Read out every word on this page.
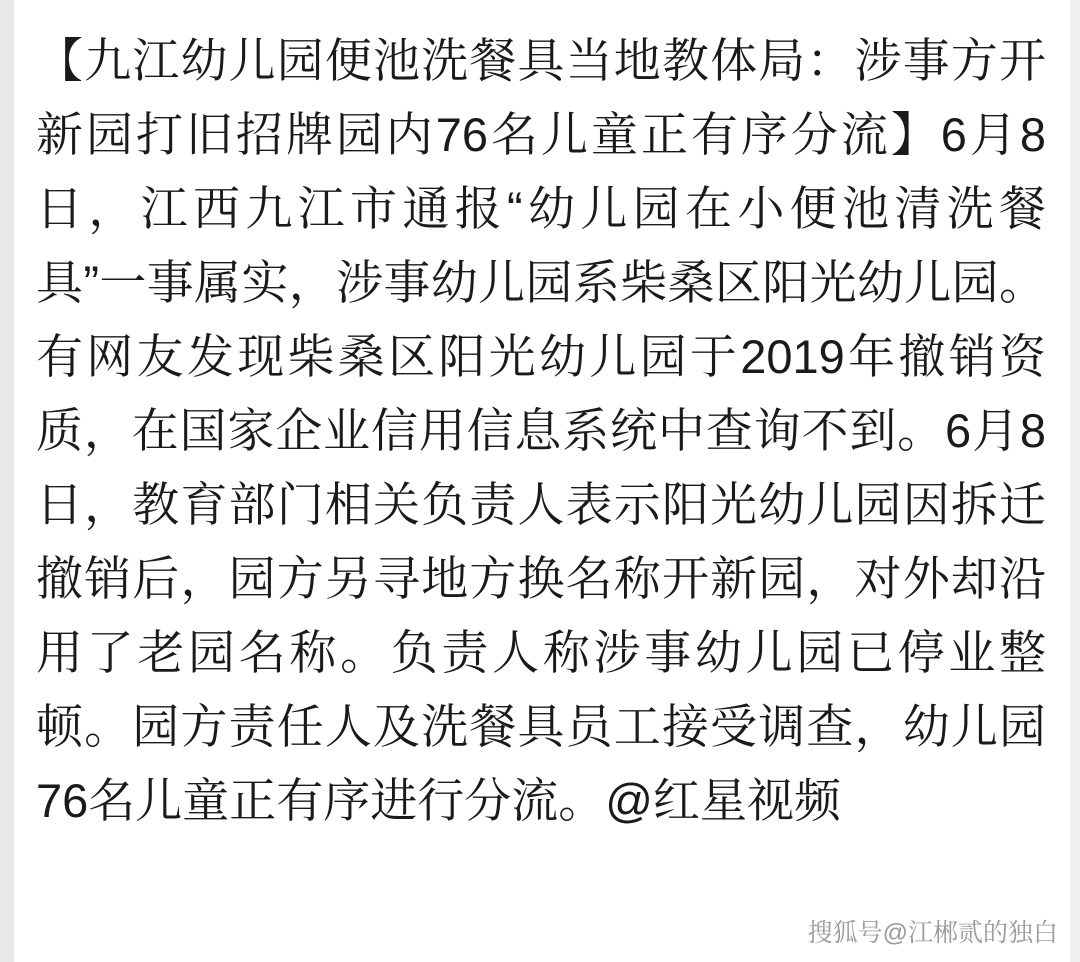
【九江幼儿园便池洗餐具当地教体局：涉事方开新园打旧招牌园内76名儿童正有序分流】6月8日，江西九江市通报“幼儿园在小便池清洗餐具”一事属实，涉事幼儿园系柴桑区阳光幼儿园。有网友发现柴桑区阳光幼儿园于2019年撤销资质，在国家企业信用信息系统中查询不到。6月8日，教育部门相关负责人表示阳光幼儿园因拆迁撤销后，园方另寻地方换名称开新园，对外却沿用了老园名称。负责人称涉事幼儿园已停业整顿。园方责任人及洗餐具员工接受调查，幼儿园76名儿童正有序进行分流。@红星视频
搜狐号@江郴贰的独白
